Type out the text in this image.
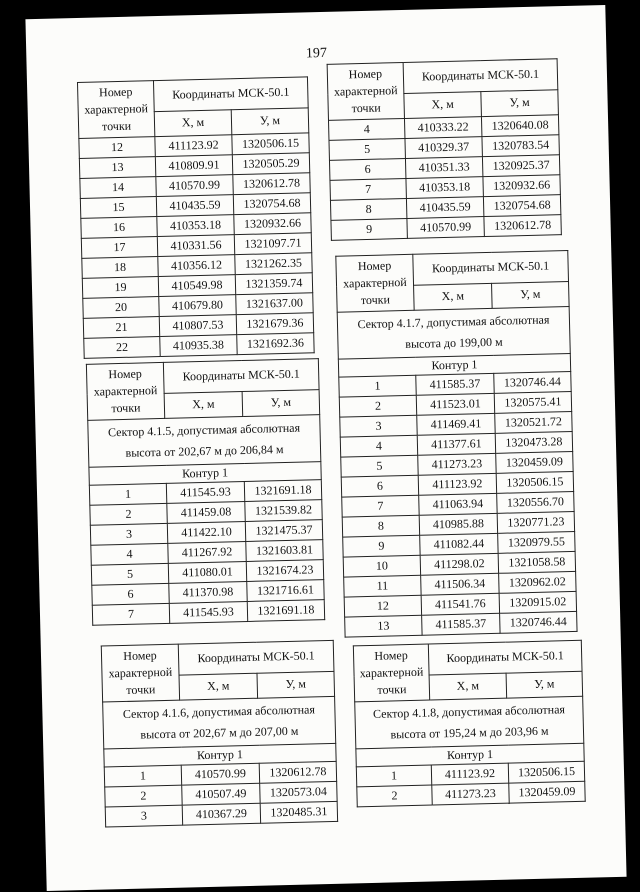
197
Номер характерной точки	Координаты МСК-50.1	
	X, м	У, м
12	411123.92	1320506.15
13	410809.91	1320505.29
14	410570.99	1320612.78
15	410435.59	1320754.68
16	410353.18	1320932.66
17	410331.56	1321097.71
18	410356.12	1321262.35
19	410549.98	1321359.74
20	410679.80	1321637.00
21	410807.53	1321679.36
22	410935.38	1321692.36
Номер характерной точки	Координаты МСК-50.1	
	X, м	У, м
4	410333.22	1320640.08
5	410329.37	1320783.54
6	410351.33	1320925.37
7	410353.18	1320932.66
8	410435.59	1320754.68
9	410570.99	1320612.78
Номер характерной точки	Координаты МСК-50.1	
	X, м	У, м
Сектор 4.1.5, допустимая абсолютная высота от 202,67 м до 206,84 м		
Контур 1		
1	411545.93	1321691.18
2	411459.08	1321539.82
3	411422.10	1321475.37
4	411267.92	1321603.81
5	411080.01	1321674.23
6	411370.98	1321716.61
7	411545.93	1321691.18
Номер характерной точки	Координаты МСК-50.1	
	X, м	У, м
Сектор 4.1.7, допустимая абсолютная высота до 199,00 м		
Контур 1		
1	411585.37	1320746.44
2	411523.01	1320575.41
3	411469.41	1320521.72
4	411377.61	1320473.28
5	411273.23	1320459.09
6	411123.92	1320506.15
7	411063.94	1320556.70
8	410985.88	1320771.23
9	411082.44	1320979.55
10	411298.02	1321058.58
11	411506.34	1320962.02
12	411541.76	1320915.02
13	411585.37	1320746.44
Номер характерной точки	Координаты МСК-50.1	
	X, м	У, м
Сектор 4.1.6, допустимая абсолютная высота от 202,67 м до 207,00 м		
Контур 1		
1	410570.99	1320612.78
2	410507.49	1320573.04
3	410367.29	1320485.31
Номер характерной точки	Координаты МСК-50.1	
	X, м	У, м
Сектор 4.1.8, допустимая абсолютная высота от 195,24 м до 203,96 м		
Контур 1		
1	411123.92	1320506.15
2	411273.23	1320459.09
